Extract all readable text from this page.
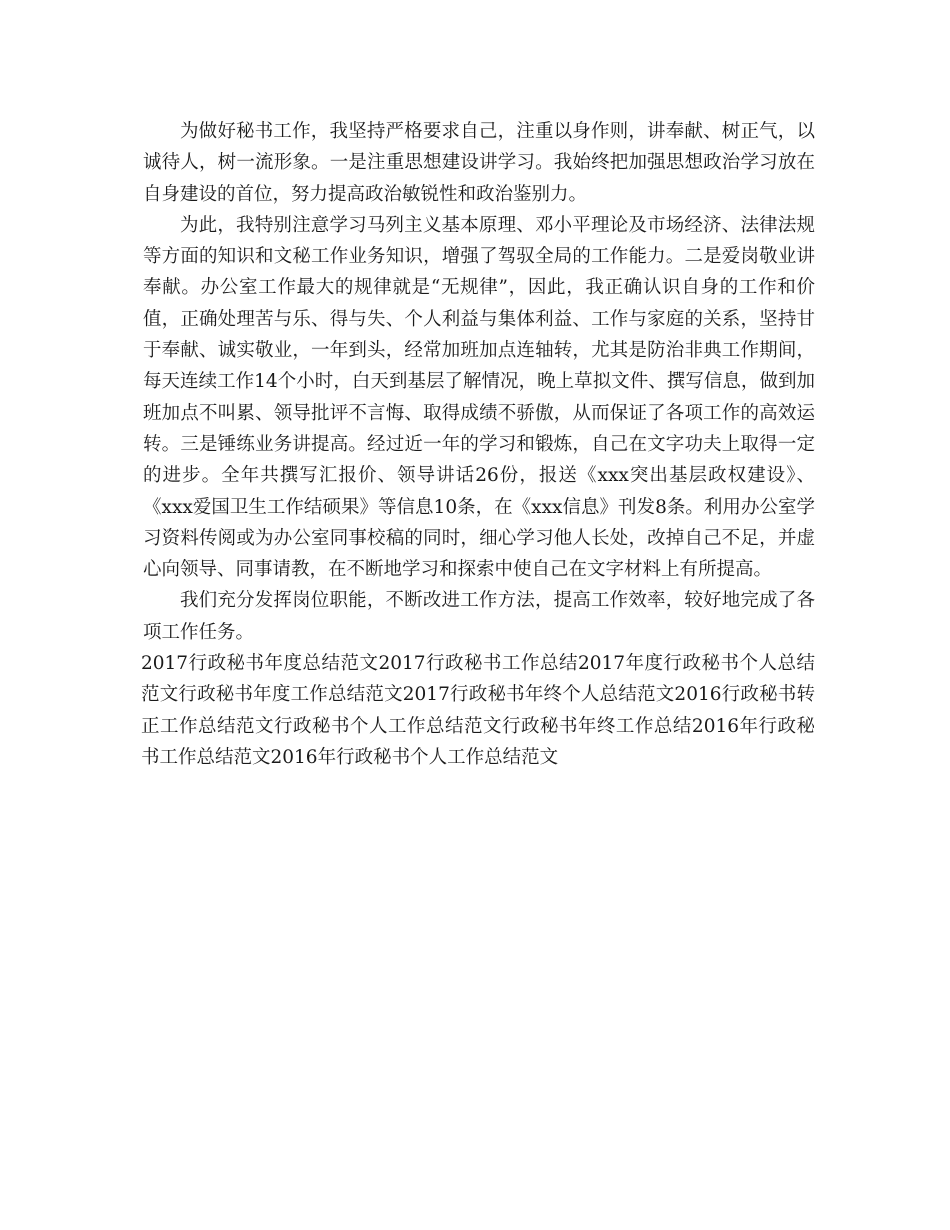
为做好秘书工作，我坚持严格要求自己，注重以身作则，讲奉献、树正气，以诚待人，树一流形象。一是注重思想建设讲学习。我始终把加强思想政治学习放在自身建设的首位，努力提高政治敏锐性和政治鉴别力。

为此，我特别注意学习马列主义基本原理、邓小平理论及市场经济、法律法规等方面的知识和文秘工作业务知识，增强了驾驭全局的工作能力。二是爱岗敬业讲奉献。办公室工作最大的规律就是“无规律”，因此，我正确认识自身的工作和价值，正确处理苦与乐、得与失、个人利益与集体利益、工作与家庭的关系，坚持甘于奉献、诚实敬业，一年到头，经常加班加点连轴转，尤其是防治非典工作期间，每天连续工作14个小时，白天到基层了解情况，晚上草拟文件、撰写信息，做到加班加点不叫累、领导批评不言悔、取得成绩不骄傲，从而保证了各项工作的高效运转。三是锤练业务讲提高。经过近一年的学习和锻炼，自己在文字功夫上取得一定的进步。全年共撰写汇报价、领导讲话26份，报送《xxx突出基层政权建设》、《xxx爱国卫生工作结硕果》等信息10条，在《xxx信息》刊发8条。利用办公室学习资料传阅或为办公室同事校稿的同时，细心学习他人长处，改掉自己不足，并虚心向领导、同事请教，在不断地学习和探索中使自己在文字材料上有所提高。

我们充分发挥岗位职能，不断改进工作方法，提高工作效率，较好地完成了各项工作任务。

2017行政秘书年度总结范文2017行政秘书工作总结2017年度行政秘书个人总结范文行政秘书年度工作总结范文2017行政秘书年终个人总结范文2016行政秘书转正工作总结范文行政秘书个人工作总结范文行政秘书年终工作总结2016年行政秘书工作总结范文2016年行政秘书个人工作总结范文
